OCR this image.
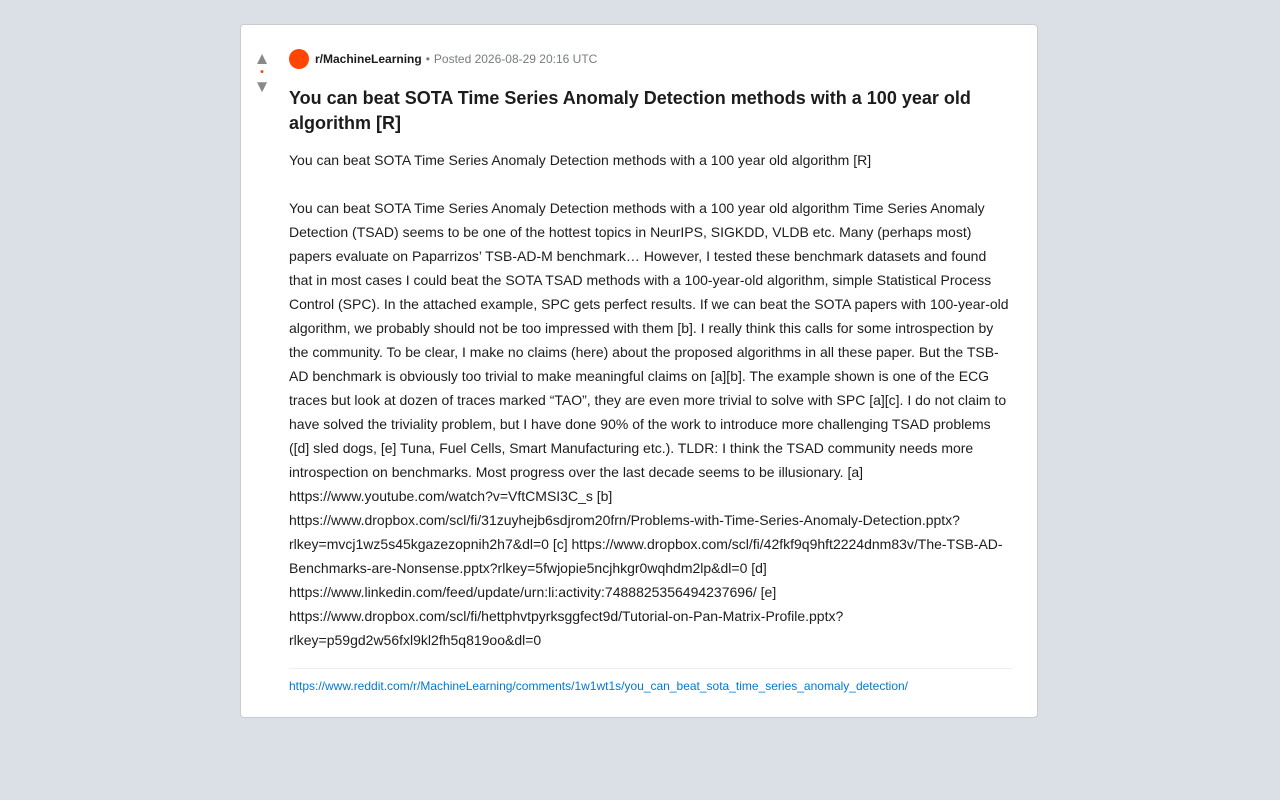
▲
•
▼
r/MachineLearning • Posted 2026-08-29 20:16 UTC
You can beat SOTA Time Series Anomaly Detection methods with a 100 year old algorithm [R]

You can beat SOTA Time Series Anomaly Detection methods with a 100 year old algorithm [R]

You can beat SOTA Time Series Anomaly Detection methods with a 100 year old algorithm Time Series Anomaly Detection (TSAD) seems to be one of the hottest topics in NeurIPS, SIGKDD, VLDB etc. Many (perhaps most) papers evaluate on Paparrizos’ TSB-AD-M benchmark… However, I tested these benchmark datasets and found that in most cases I could beat the SOTA TSAD methods with a 100-year-old algorithm, simple Statistical Process Control (SPC). In the attached example, SPC gets perfect results. If we can beat the SOTA papers with 100-year-old algorithm, we probably should not be too impressed with them [b]. I really think this calls for some introspection by the community. To be clear, I make no claims (here) about the proposed algorithms in all these paper. But the TSB-AD benchmark is obviously too trivial to make meaningful claims on [a][b]. The example shown is one of the ECG traces but look at dozen of traces marked “TAO”, they are even more trivial to solve with SPC [a][c]. I do not claim to have solved the triviality problem, but I have done 90% of the work to introduce more challenging TSAD problems ([d] sled dogs, [e] Tuna, Fuel Cells, Smart Manufacturing etc.). TLDR: I think the TSAD community needs more introspection on benchmarks. Most progress over the last decade seems to be illusionary. [a] https://www.youtube.com/watch?v=VftCMSI3C_s [b] https://www.dropbox.com/scl/fi/31zuyhejb6sdjrom20frn/Problems-with-Time-Series-Anomaly-Detection.pptx?rlkey=mvcj1wz5s45kgazezopnih2h7&dl=0 [c] https://www.dropbox.com/scl/fi/42fkf9q9hft2224dnm83v/The-TSB-AD-Benchmarks-are-Nonsense.pptx?rlkey=5fwjopie5ncjhkgr0wqhdm2lp&dl=0 [d] https://www.linkedin.com/feed/update/urn:li:activity:7488825356494237696/ [e] https://www.dropbox.com/scl/fi/hettphvtpyrksggfect9d/Tutorial-on-Pan-Matrix-Profile.pptx?rlkey=p59gd2w56fxl9kl2fh5q819oo&dl=0

https://www.reddit.com/r/MachineLearning/comments/1w1wt1s/you_can_beat_sota_time_series_anomaly_detection/
